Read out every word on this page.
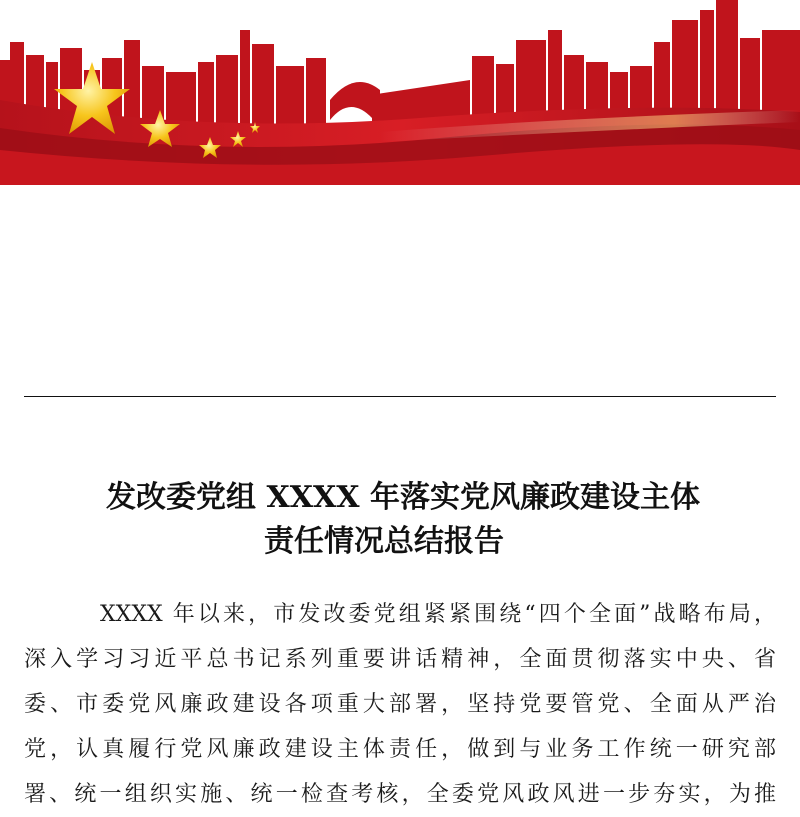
发改委党组 XXXX 年落实党风廉政建设主体
责任情况总结报告
XXXX 年以来，市发改委党组紧紧围绕“四个全面”战略布局，
深入学习习近平总书记系列重要讲话精神，全面贯彻落实中央、省
委、市委党风廉政建设各项重大部署，坚持党要管党、全面从严治
党，认真履行党风廉政建设主体责任，做到与业务工作统一研究部
署、统一组织实施、统一检查考核，全委党风政风进一步夯实，为推
